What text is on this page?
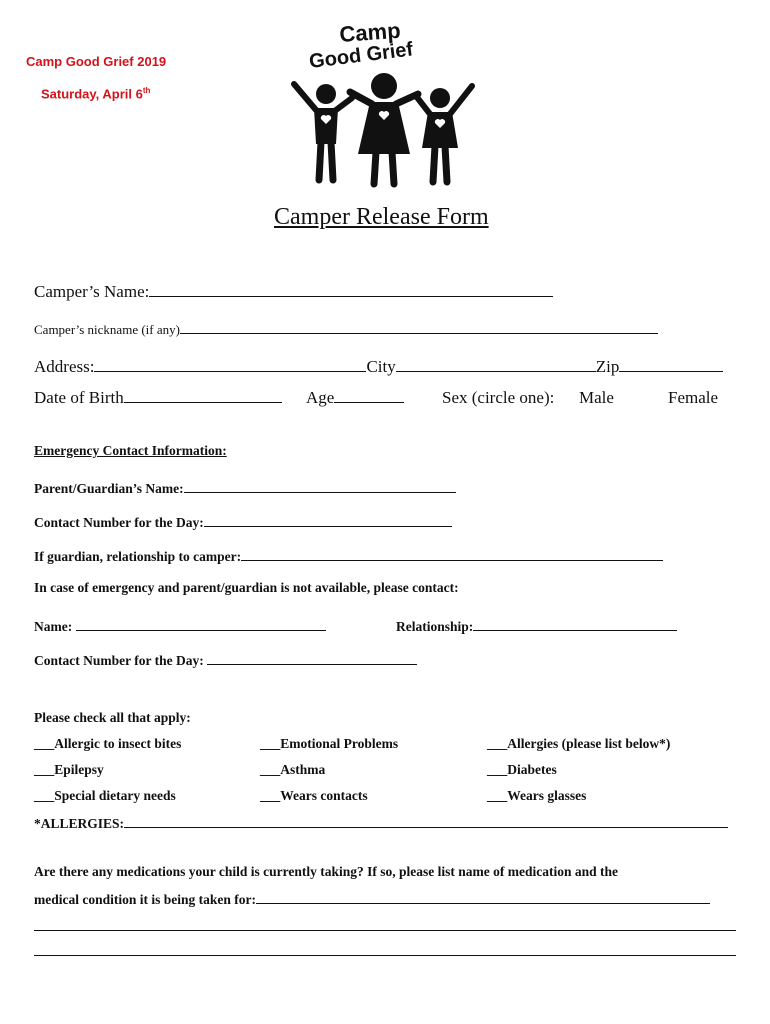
Camp Good Grief 2019
Saturday, April 6th
Camp
Good Grief
Camper Release Form
Camper’s Name:
Camper’s nickname (if any)
Address:	City	Zip
Date of Birth	Age	Sex (circle one): Male	Female
Emergency Contact Information:
Parent/Guardian’s Name:
Contact Number for the Day:
If guardian, relationship to camper:
In case of emergency and parent/guardian is not available, please contact:
Name:	Relationship:
Contact Number for the Day:
Please check all that apply:
___Allergic to insect bites	___Emotional Problems	___Allergies (please list below*)
___Epilepsy	___Asthma	___Diabetes
___Special dietary needs	___Wears contacts	___Wears glasses
*ALLERGIES:
Are there any medications your child is currently taking? If so, please list name of medication and the
medical condition it is being taken for:
